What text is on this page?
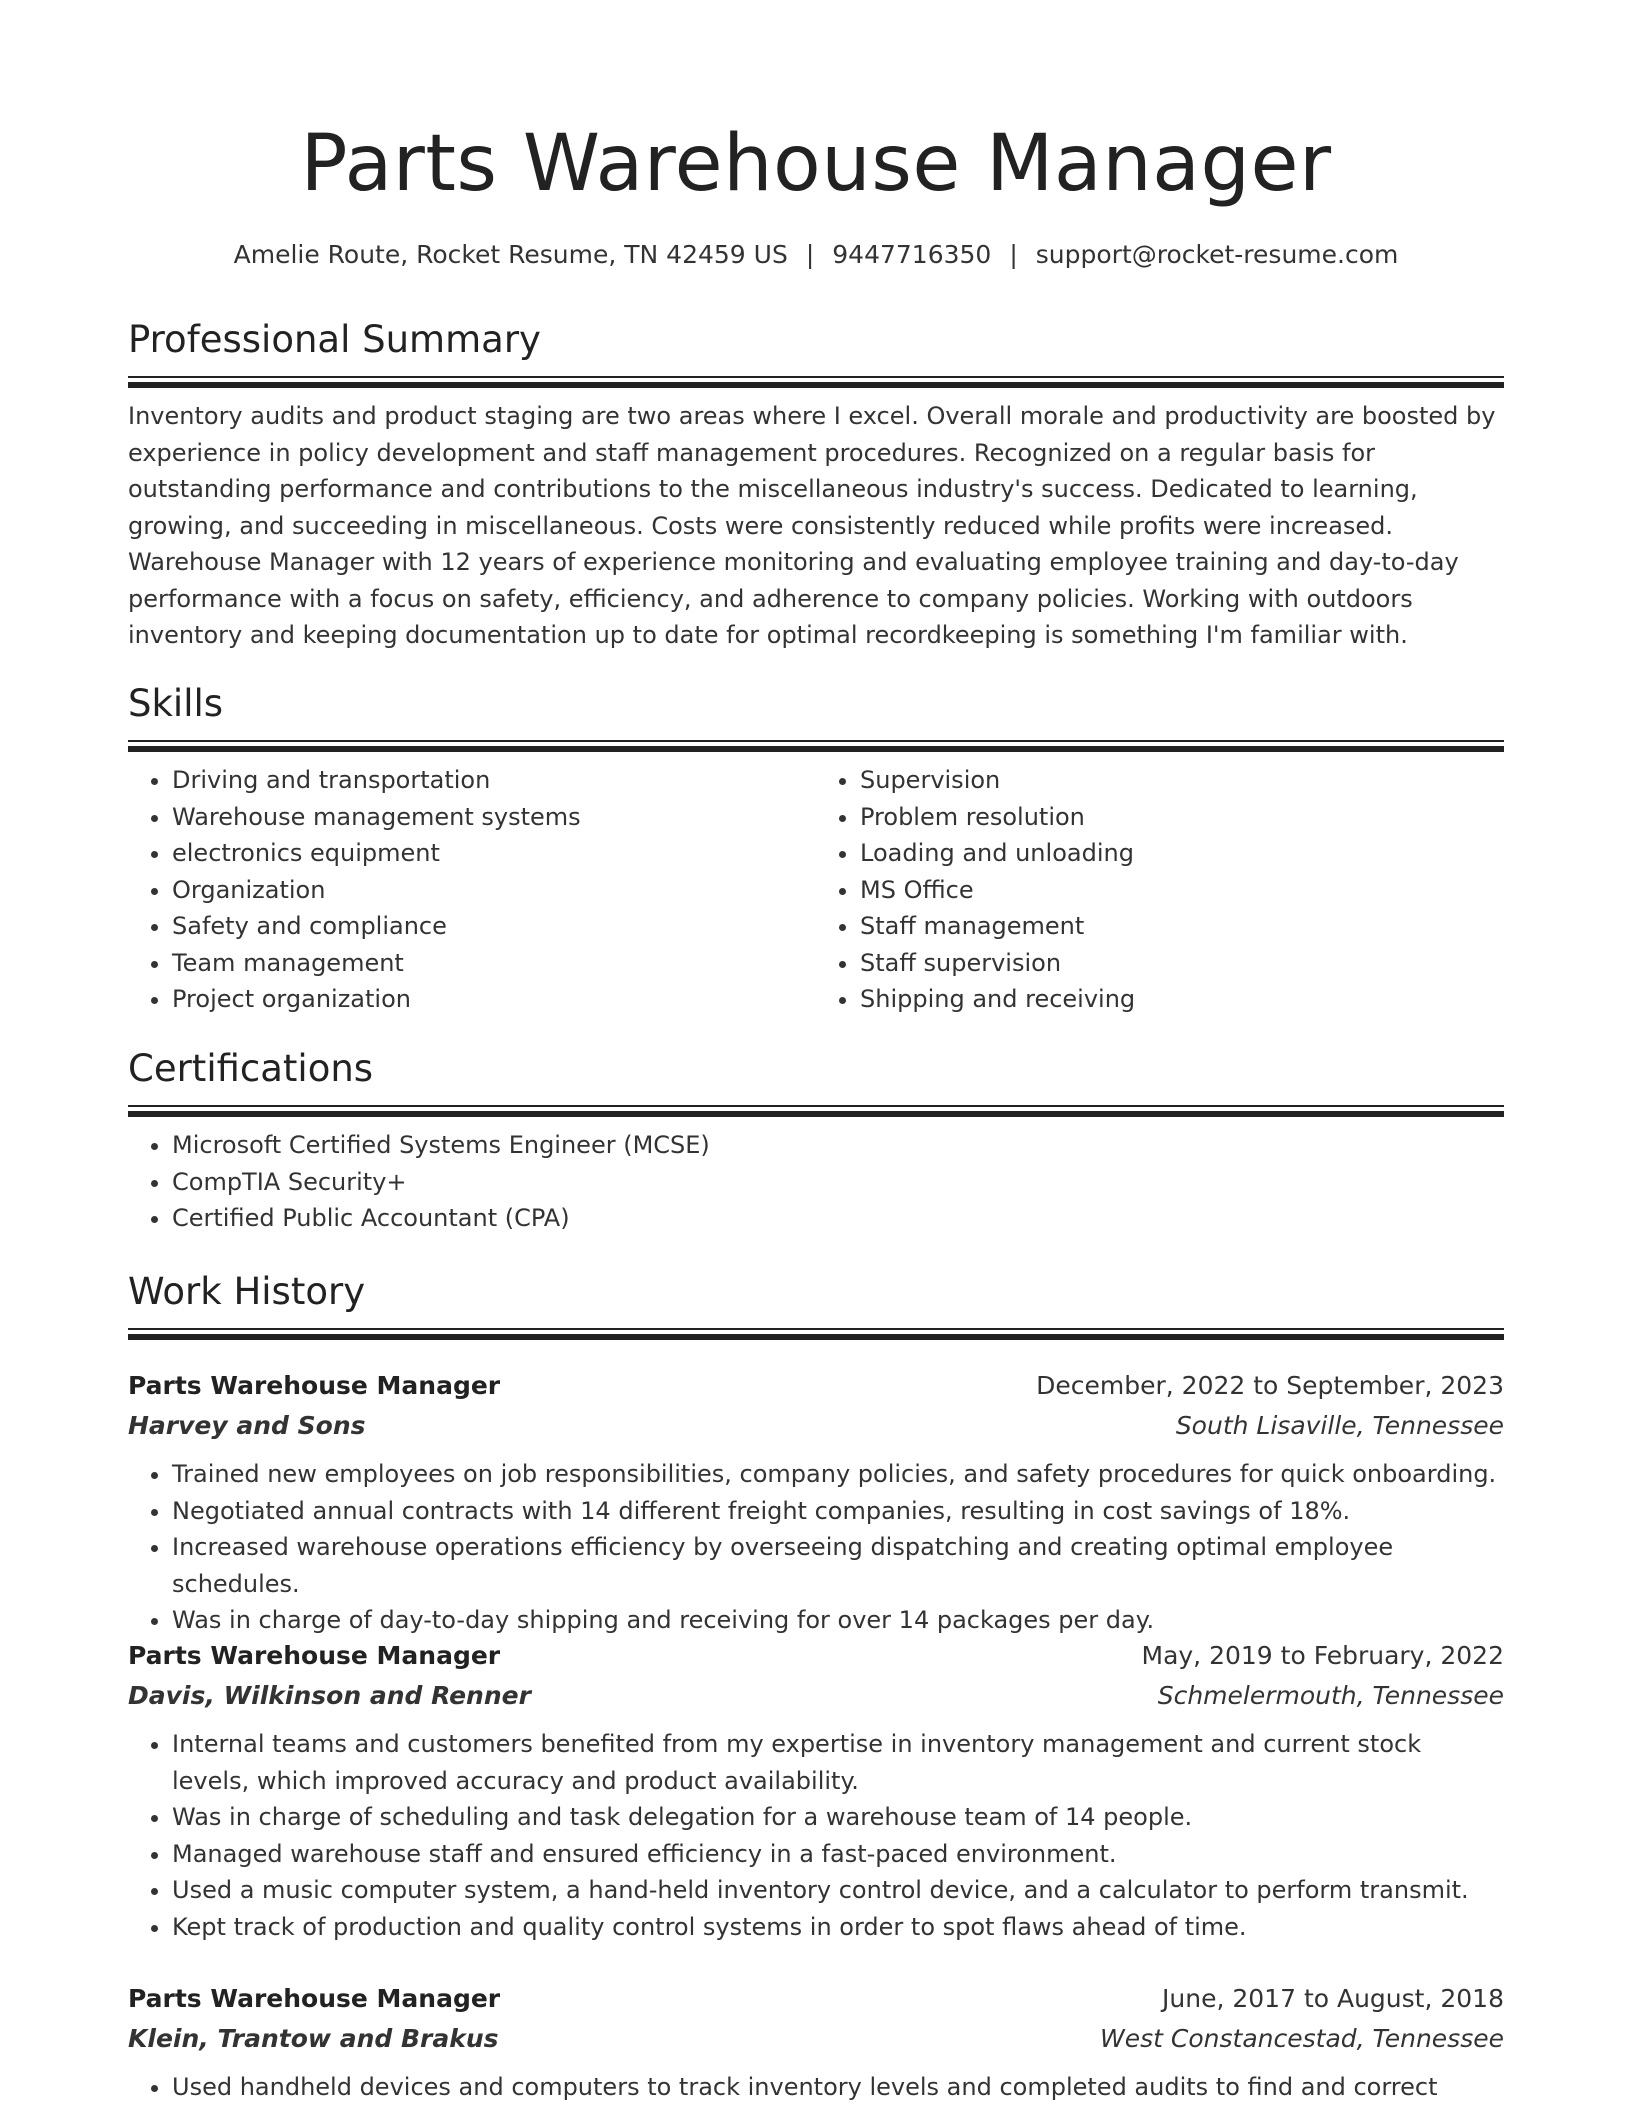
Parts Warehouse Manager
Amelie Route, Rocket Resume, TN 42459 US | 9447716350 | support@rocket-resume.com
Professional Summary

Inventory audits and product staging are two areas where I excel. Overall morale and productivity are boosted by experience in policy development and staff management procedures. Recognized on a regular basis for outstanding performance and contributions to the miscellaneous industry's success. Dedicated to learning, growing, and succeeding in miscellaneous. Costs were consistently reduced while profits were increased. Warehouse Manager with 12 years of experience monitoring and evaluating employee training and day-to-day performance with a focus on safety, efficiency, and adherence to company policies. Working with outdoors inventory and keeping documentation up to date for optimal recordkeeping is something I'm familiar with.

Skills
• Driving and transportation
• Warehouse management systems
• electronics equipment
• Organization
• Safety and compliance
• Team management
• Project organization
• Supervision
• Problem resolution
• Loading and unloading
• MS Office
• Staff management
• Staff supervision
• Shipping and receiving
Certifications
• Microsoft Certified Systems Engineer (MCSE)
• CompTIA Security+
• Certified Public Accountant (CPA)
Work History
Parts Warehouse Manager	December, 2022 to September, 2023
Harvey and Sons	South Lisaville, Tennessee
• Trained new employees on job responsibilities, company policies, and safety procedures for quick onboarding.
• Negotiated annual contracts with 14 different freight companies, resulting in cost savings of 18%.
• Increased warehouse operations efficiency by overseeing dispatching and creating optimal employee schedules.
• Was in charge of day-to-day shipping and receiving for over 14 packages per day.
Parts Warehouse Manager	May, 2019 to February, 2022
Davis, Wilkinson and Renner	Schmelermouth, Tennessee
• Internal teams and customers benefited from my expertise in inventory management and current stock levels, which improved accuracy and product availability.
• Was in charge of scheduling and task delegation for a warehouse team of 14 people.
• Managed warehouse staff and ensured efficiency in a fast-paced environment.
• Used a music computer system, a hand-held inventory control device, and a calculator to perform transmit.
• Kept track of production and quality control systems in order to spot flaws ahead of time.
Parts Warehouse Manager	June, 2017 to August, 2018
Klein, Trantow and Brakus	West Constancestad, Tennessee
• Used handheld devices and computers to track inventory levels and completed audits to find and correct
